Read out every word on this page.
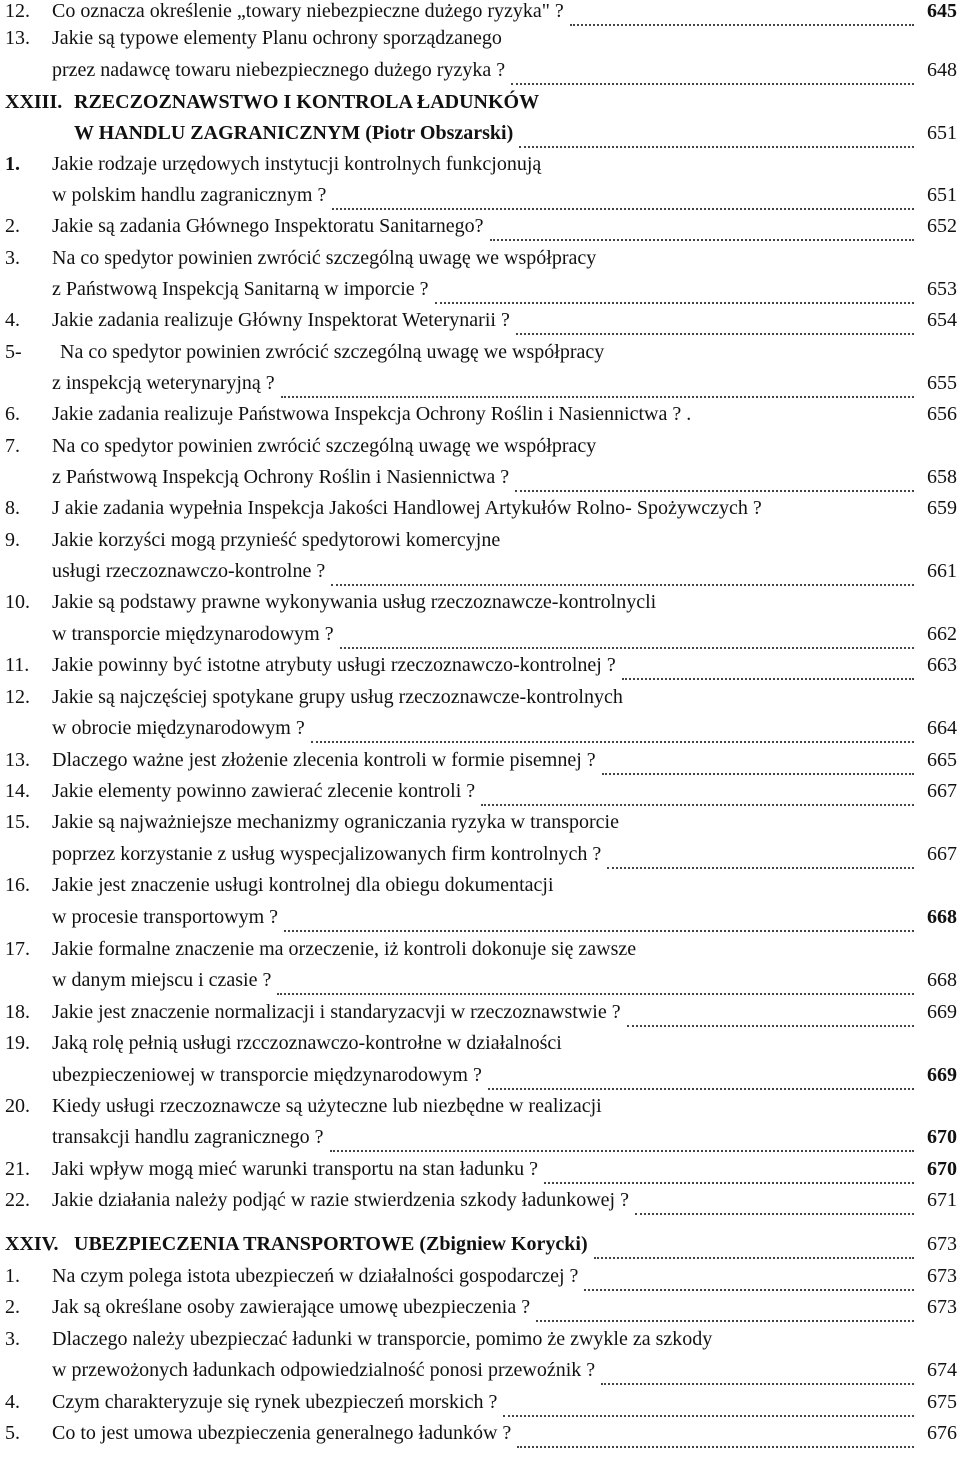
12. Co oznacza określenie „towary niebezpieczne dużego ryzyka" ?	645
13. Jakie są typowe elementy Planu ochrony sporządzanego
przez nadawcę towaru niebezpiecznego dużego ryzyka ?	648
XXIII. RZECZOZNAWSTWO I KONTROLA ŁADUNKÓW
W HANDLU ZAGRANICZNYM (Piotr Obszarski)	651
1. Jakie rodzaje urzędowych instytucji kontrolnych funkcjonują
w polskim handlu zagranicznym ?	651
2. Jakie są zadania Głównego Inspektoratu Sanitarnego?	652
3. Na co spedytor powinien zwrócić szczególną uwagę we współpracy
z Państwową Inspekcją Sanitarną w imporcie ?	653
4. Jakie zadania realizuje Główny Inspektorat Weterynarii ?	654
5- Na co spedytor powinien zwrócić szczególną uwagę we współpracy
z inspekcją weterynaryjną ?	655
6. Jakie zadania realizuje Państwowa Inspekcja Ochrony Roślin i Nasiennictwa ? .	656
7. Na co spedytor powinien zwrócić szczególną uwagę we współpracy
z Państwową Inspekcją Ochrony Roślin i Nasiennictwa ?	658
8. J akie zadania wypełnia Inspekcja Jakości Handlowej Artykułów Rolno- Spożywczych ?	659
9. Jakie korzyści mogą przynieść spedytorowi komercyjne
usługi rzeczoznawczo-kontrolne ?	661
10. Jakie są podstawy prawne wykonywania usług rzeczoznawcze-kontrolnycli
w transporcie międzynarodowym ?	662
11. Jakie powinny być istotne atrybuty usługi rzeczoznawczo-kontrolnej ?	663
12. Jakie są najczęściej spotykane grupy usług rzeczoznawcze-kontrolnych
w obrocie międzynarodowym ?	664
13. Dlaczego ważne jest złożenie zlecenia kontroli w formie pisemnej ?	665
14. Jakie elementy powinno zawierać zlecenie kontroli ?	667
15. Jakie są najważniejsze mechanizmy ograniczania ryzyka w transporcie
poprzez korzystanie z usług wyspecjalizowanych firm kontrolnych ?	667
16. Jakie jest znaczenie usługi kontrolnej dla obiegu dokumentacji
w procesie transportowym ?	668
17. Jakie formalne znaczenie ma orzeczenie, iż kontroli dokonuje się zawsze
w danym miejscu i czasie ?	668
18. Jakie jest znaczenie normalizacji i standaryzacvji w rzeczoznawstwie ?	669
19. Jaką rolę pełnią usługi rzcczoznawczo-kontrołne w działalności
ubezpieczeniowej w transporcie międzynarodowym ?	669
20. Kiedy usługi rzeczoznawcze są użyteczne lub niezbędne w realizacji
transakcji handlu zagranicznego ?	670
21. Jaki wpływ mogą mieć warunki transportu na stan ładunku ?	670
22. Jakie działania należy podjąć w razie stwierdzenia szkody ładunkowej ?	671
XXIV. UBEZPIECZENIA TRANSPORTOWE (Zbigniew Korycki)	673
1. Na czym polega istota ubezpieczeń w działalności gospodarczej ?	673
2. Jak są określane osoby zawierające umowę ubezpieczenia ?	673
3. Dlaczego należy ubezpieczać ładunki w transporcie, pomimo że zwykle za szkody
w przewożonych ładunkach odpowiedzialność ponosi przewoźnik ?	674
4. Czym charakteryzuje się rynek ubezpieczeń morskich ?	675
5. Co to jest umowa ubezpieczenia generalnego ładunków ?	676
